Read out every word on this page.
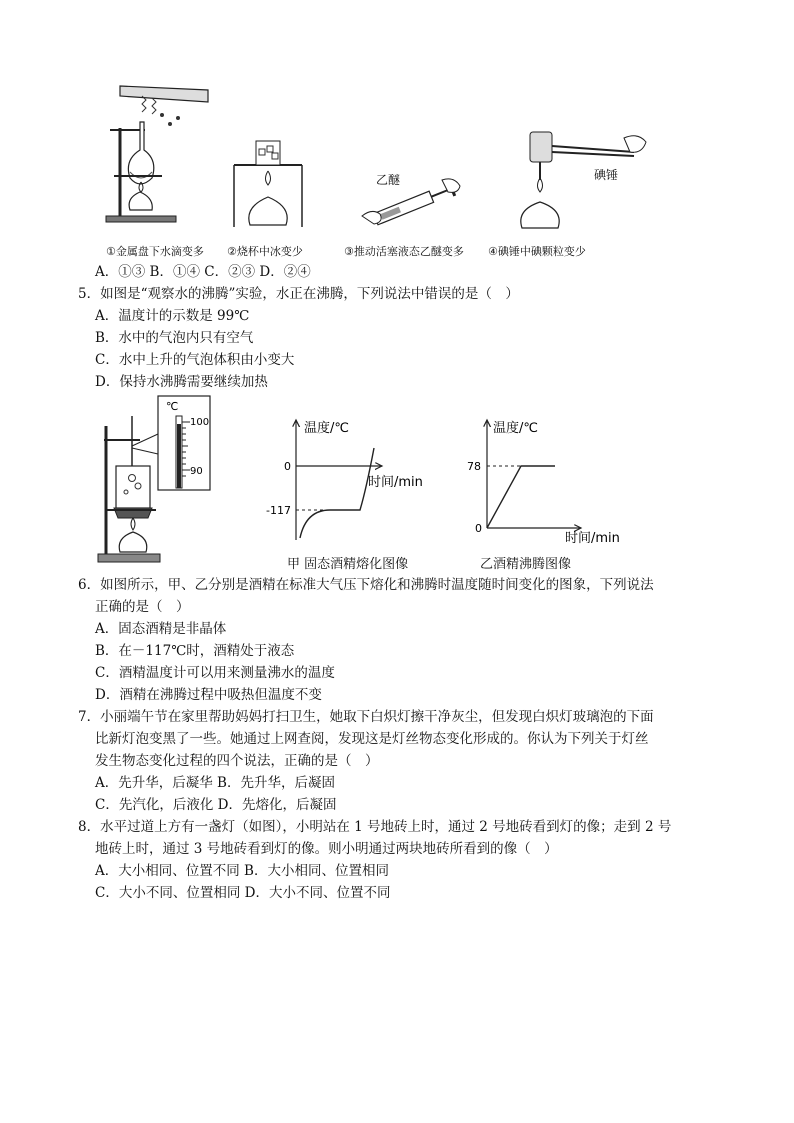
乙醚	碘锤
①金属盘下水滴变多 ②烧杯中冰变少	③推动活塞液态乙醚变多 ④碘锤中碘颗粒变少
A．①③ B．①④ C．②③ D．②④
5．如图是“观察水的沸腾”实验，水正在沸腾，下列说法中错误的是（　）
A．温度计的示数是 99℃
B．水中的气泡内只有空气
C．水中上升的气泡体积由小变大
D．保持水沸腾需要继续加热
℃
100
90
温度/℃
0
-117
时间/min
甲 固态酒精熔化图像
温度/℃
78
0
时间/min
乙酒精沸腾图像
6．如图所示，甲、乙分别是酒精在标准大气压下熔化和沸腾时温度随时间变化的图象，下列说法
正确的是（　）
A．固态酒精是非晶体
B．在－117℃时，酒精处于液态
C．酒精温度计可以用来测量沸水的温度
D．酒精在沸腾过程中吸热但温度不变
7．小丽端午节在家里帮助妈妈打扫卫生，她取下白炽灯擦干净灰尘，但发现白炽灯玻璃泡的下面
比新灯泡变黑了一些。她通过上网查阅，发现这是灯丝物态变化形成的。你认为下列关于灯丝
发生物态变化过程的四个说法，正确的是（　）
A．先升华，后凝华 B．先升华，后凝固
C．先汽化，后液化 D．先熔化，后凝固
8．水平过道上方有一盏灯（如图），小明站在 1 号地砖上时，通过 2 号地砖看到灯的像；走到 2 号
地砖上时，通过 3 号地砖看到灯的像。则小明通过两块地砖所看到的像（　）
A．大小相同、位置不同 B．大小相同、位置相同
C．大小不同、位置相同 D．大小不同、位置不同
